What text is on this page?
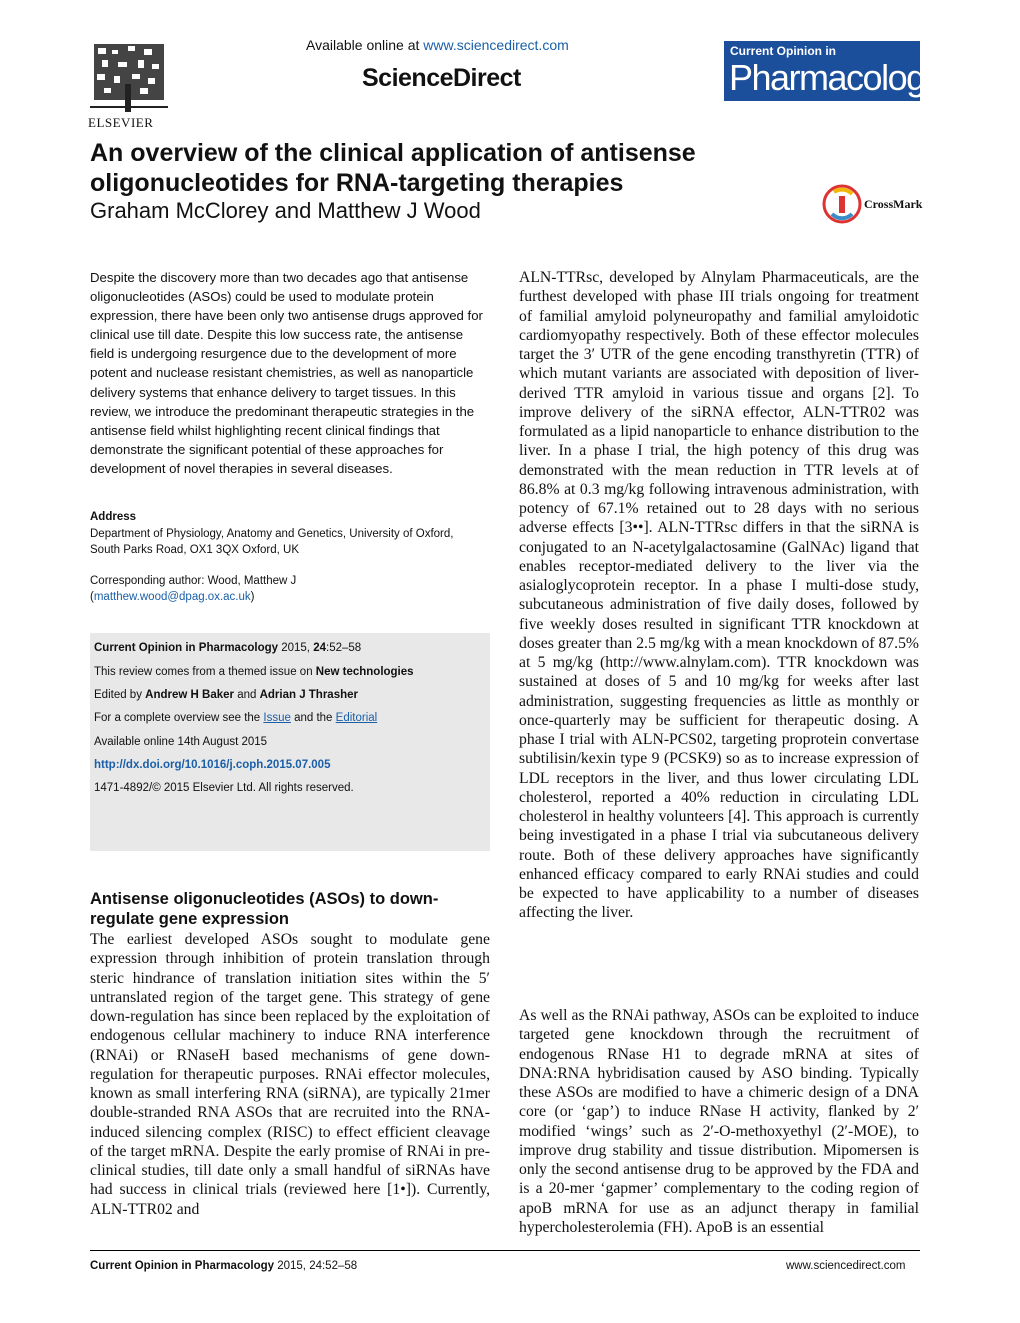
ELSEVIER
Available online at www.sciencedirect.com
ScienceDirect
Current Opinion in
Pharmacology
An overview of the clinical application of antisense oligonucleotides for RNA-targeting therapies
Graham McClorey and Matthew J Wood	CrossMark
Despite the discovery more than two decades ago that antisense oligonucleotides (ASOs) could be used to modulate protein expression, there have been only two antisense drugs approved for clinical use till date. Despite this low success rate, the antisense field is undergoing resurgence due to the development of more potent and nuclease resistant chemistries, as well as nanoparticle delivery systems that enhance delivery to target tissues. In this review, we introduce the predominant therapeutic strategies in the antisense field whilst highlighting recent clinical findings that demonstrate the significant potential of these approaches for development of novel therapies in several diseases.
Address
Department of Physiology, Anatomy and Genetics, University of Oxford,
South Parks Road, OX1 3QX Oxford, UK
Corresponding author: Wood, Matthew J
(matthew.wood@dpag.ox.ac.uk)
Current Opinion in Pharmacology 2015, 24:52–58
This review comes from a themed issue on New technologies
Edited by Andrew H Baker and Adrian J Thrasher
For a complete overview see the Issue and the Editorial
Available online 14th August 2015
http://dx.doi.org/10.1016/j.coph.2015.07.005
1471-4892/© 2015 Elsevier Ltd. All rights reserved.
Antisense oligonucleotides (ASOs) to down-regulate gene expression
The earliest developed ASOs sought to modulate gene expression through inhibition of protein translation through steric hindrance of translation initiation sites within the 5′ untranslated region of the target gene. This strategy of gene down-regulation has since been replaced by the exploitation of endogenous cellular machinery to induce RNA interference (RNAi) or RNaseH based mechanisms of gene down-regulation for therapeutic purposes. RNAi effector molecules, known as small interfering RNA (siRNA), are typically 21mer double-stranded RNA ASOs that are recruited into the RNA-induced silencing complex (RISC) to effect efficient cleavage of the target mRNA. Despite the early promise of RNAi in pre-clinical studies, till date only a small handful of siRNAs have had success in clinical trials (reviewed here [1•]). Currently, ALN-TTR02 and
ALN-TTRsc, developed by Alnylam Pharmaceuticals, are the furthest developed with phase III trials ongoing for treatment of familial amyloid polyneuropathy and familial amyloidotic cardiomyopathy respectively. Both of these effector molecules target the 3′ UTR of the gene encoding transthyretin (TTR) of which mutant variants are associated with deposition of liver-derived TTR amyloid in various tissue and organs [2]. To improve delivery of the siRNA effector, ALN-TTR02 was formulated as a lipid nanoparticle to enhance distribution to the liver. In a phase I trial, the high potency of this drug was demonstrated with the mean reduction in TTR levels at of 86.8% at 0.3 mg/kg following intravenous administration, with potency of 67.1% retained out to 28 days with no serious adverse effects [3••]. ALN-TTRsc differs in that the siRNA is conjugated to an N-acetylgalactosamine (GalNAc) ligand that enables receptor-mediated delivery to the liver via the asialoglycoprotein receptor. In a phase I multi-dose study, subcutaneous administration of five daily doses, followed by five weekly doses resulted in significant TTR knockdown at doses greater than 2.5 mg/kg with a mean knockdown of 87.5% at 5 mg/kg (http://www.alnylam.com). TTR knockdown was sustained at doses of 5 and 10 mg/kg for weeks after last administration, suggesting frequencies as little as monthly or once-quarterly may be sufficient for therapeutic dosing. A phase I trial with ALN-PCS02, targeting proprotein convertase subtilisin/kexin type 9 (PCSK9) so as to increase expression of LDL receptors in the liver, and thus lower circulating LDL cholesterol, reported a 40% reduction in circulating LDL cholesterol in healthy volunteers [4]. This approach is currently being investigated in a phase I trial via subcutaneous delivery route. Both of these delivery approaches have significantly enhanced efficacy compared to early RNAi studies and could be expected to have applicability to a number of diseases affecting the liver.
As well as the RNAi pathway, ASOs can be exploited to induce targeted gene knockdown through the recruitment of endogenous RNase H1 to degrade mRNA at sites of DNA:RNA hybridisation caused by ASO binding. Typically these ASOs are modified to have a chimeric design of a DNA core (or ‘gap’) to induce RNase H activity, flanked by 2′ modified ‘wings’ such as 2′-O-methoxyethyl (2′-MOE), to improve drug stability and tissue distribution. Mipomersen is only the second antisense drug to be approved by the FDA and is a 20-mer ‘gapmer’ complementary to the coding region of apoB mRNA for use as an adjunct therapy in familial hypercholesterolemia (FH). ApoB is an essential
Current Opinion in Pharmacology 2015, 24:52–58	www.sciencedirect.com
